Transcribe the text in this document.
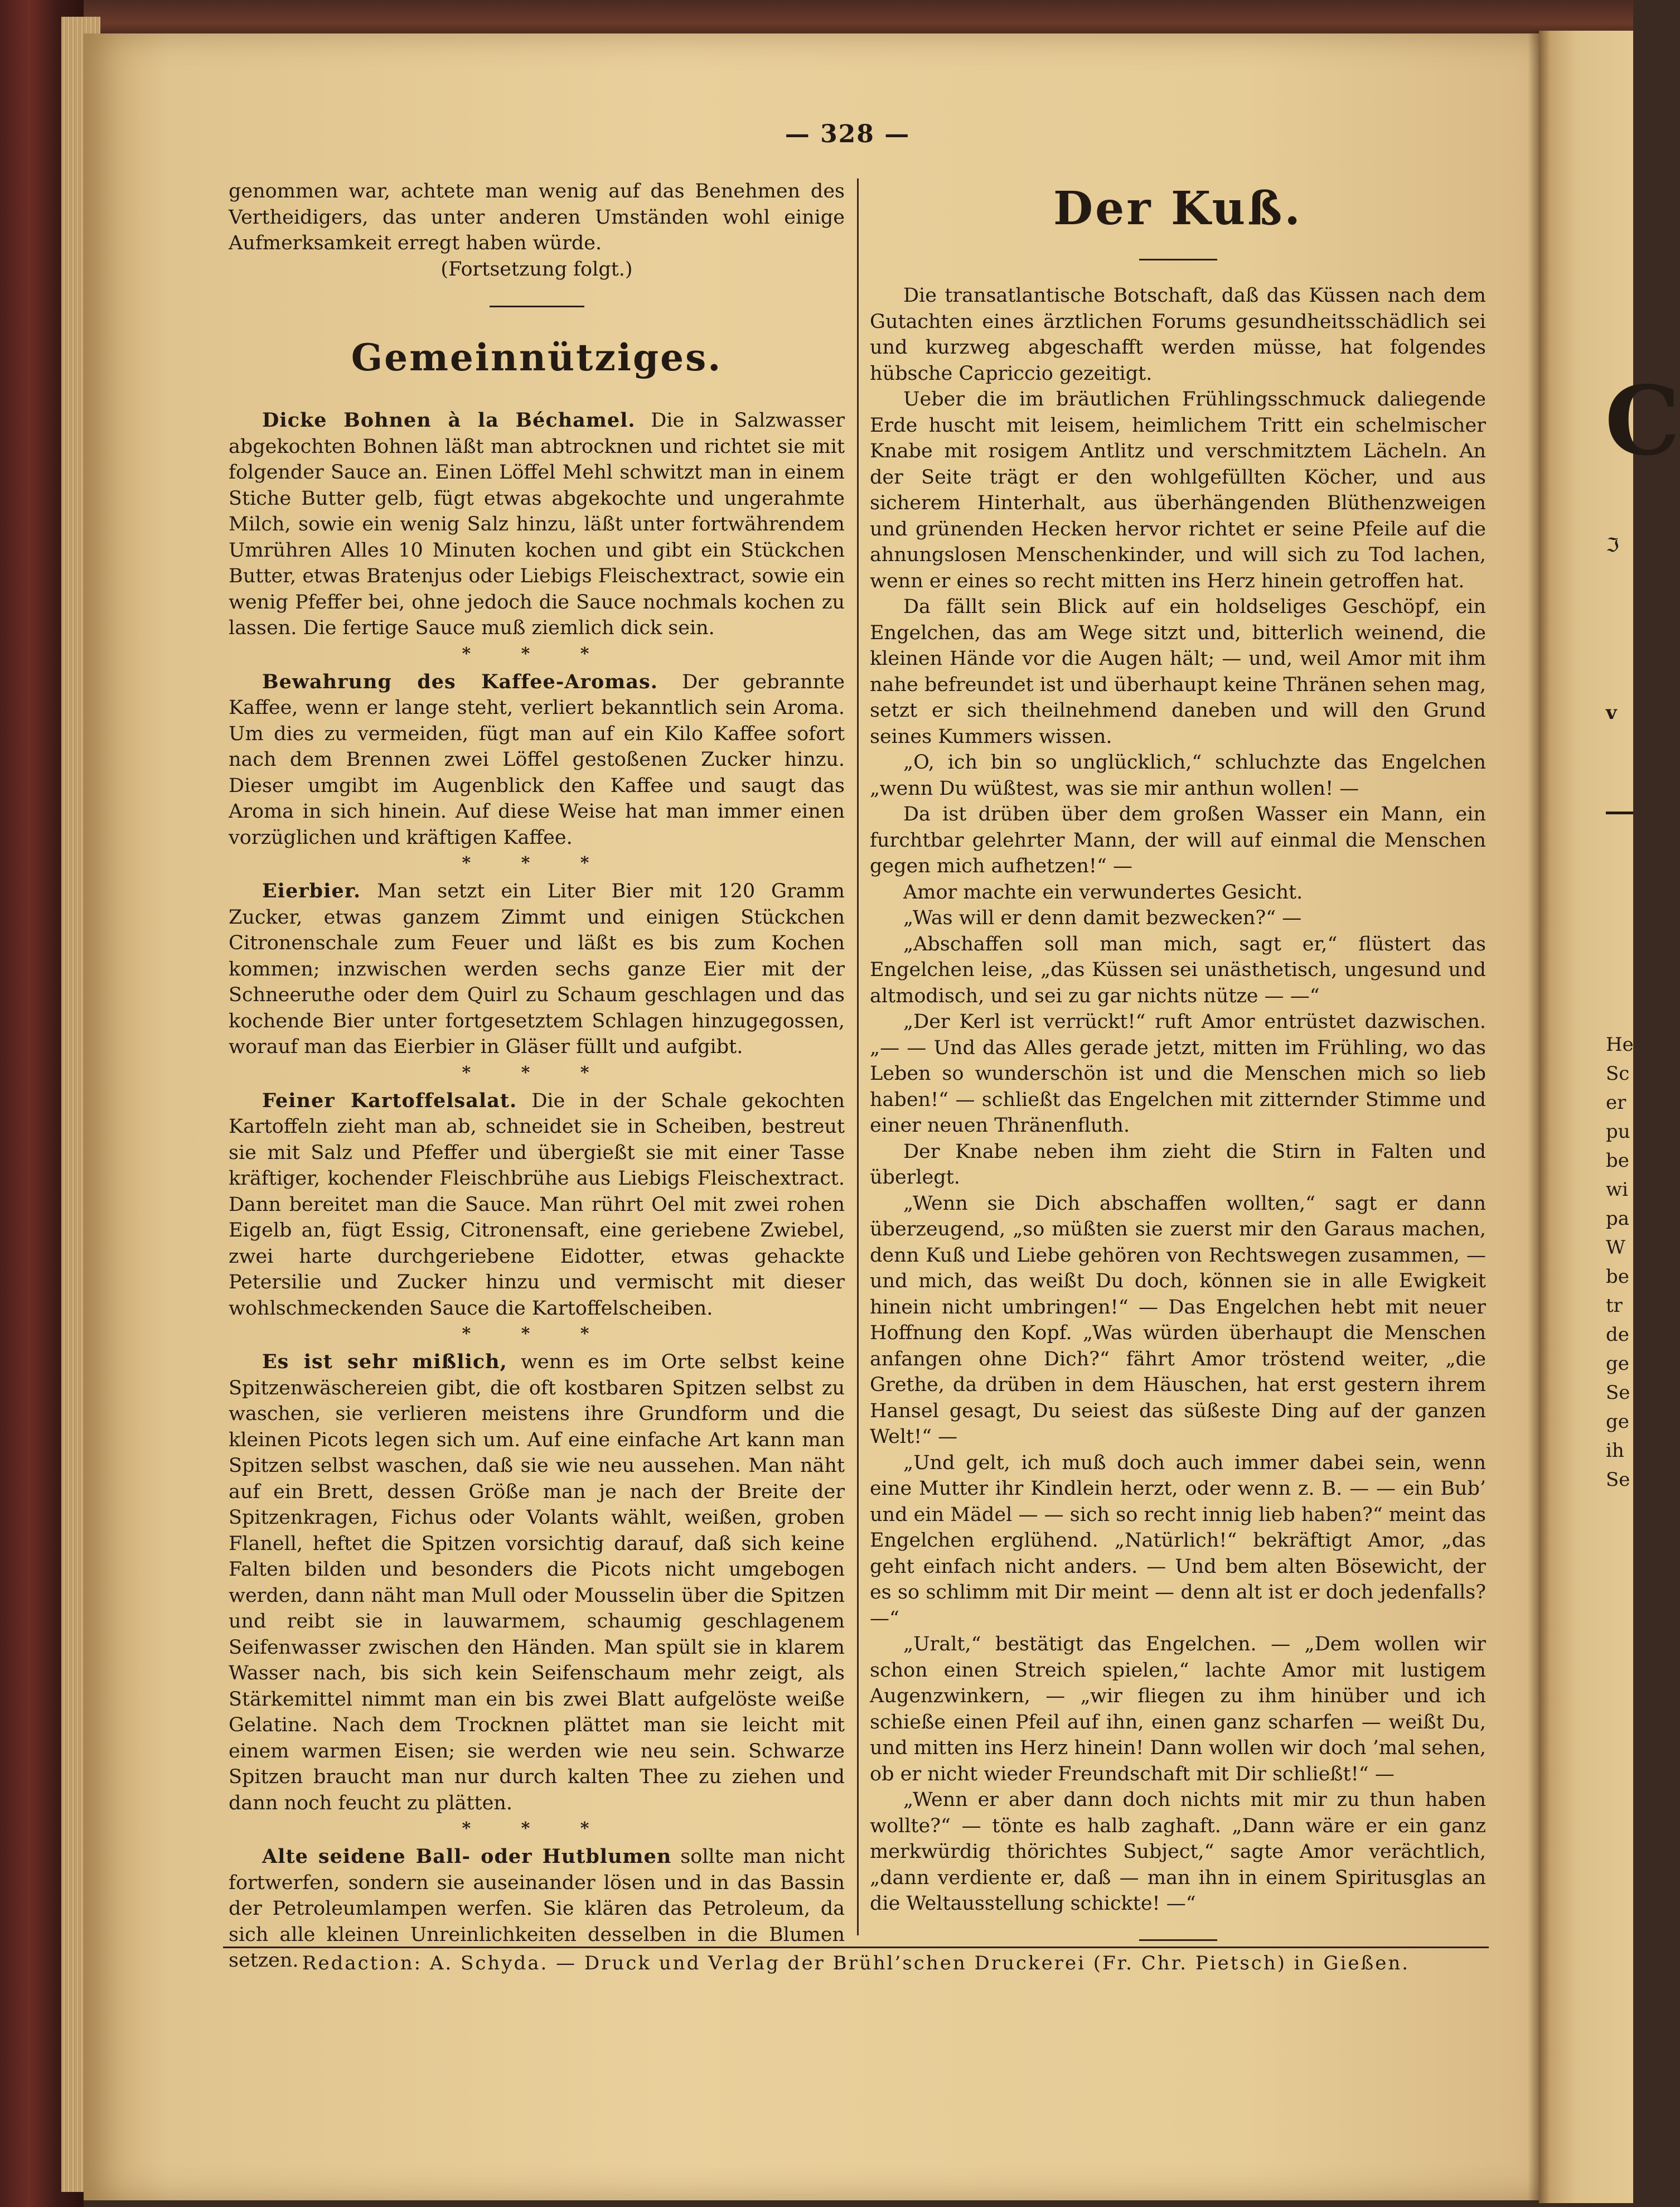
— 328 —

genommen war, achtete man wenig auf das Benehmen des Vertheidigers, das unter anderen Umständen wohl einige Aufmerksamkeit erregt haben würde.

(Fortsetzung folgt.)

Gemeinnütziges.

Dicke Bohnen à la Béchamel. Die in Salzwasser abgekochten Bohnen läßt man abtrocknen und richtet sie mit folgender Sauce an. Einen Löffel Mehl schwitzt man in einem Stiche Butter gelb, fügt etwas abgekochte und ungerahmte Milch, sowie ein wenig Salz hinzu, läßt unter fortwährendem Umrühren Alles 10 Minuten kochen und gibt ein Stückchen Butter, etwas Bratenjus oder Liebigs Fleischextract, sowie ein wenig Pfeffer bei, ohne jedoch die Sauce nochmals kochen zu lassen. Die fertige Sauce muß ziemlich dick sein.

* * *

Bewahrung des Kaffee-Aromas. Der gebrannte Kaffee, wenn er lange steht, verliert bekanntlich sein Aroma. Um dies zu vermeiden, fügt man auf ein Kilo Kaffee sofort nach dem Brennen zwei Löffel gestoßenen Zucker hinzu. Dieser umgibt im Augenblick den Kaffee und saugt das Aroma in sich hinein. Auf diese Weise hat man immer einen vorzüglichen und kräftigen Kaffee.

* * *

Eierbier. Man setzt ein Liter Bier mit 120 Gramm Zucker, etwas ganzem Zimmt und einigen Stückchen Citronenschale zum Feuer und läßt es bis zum Kochen kommen; inzwischen werden sechs ganze Eier mit der Schneeruthe oder dem Quirl zu Schaum geschlagen und das kochende Bier unter fortgesetztem Schlagen hinzugegossen, worauf man das Eierbier in Gläser füllt und aufgibt.

* * *

Feiner Kartoffelsalat. Die in der Schale gekochten Kartoffeln zieht man ab, schneidet sie in Scheiben, bestreut sie mit Salz und Pfeffer und übergießt sie mit einer Tasse kräftiger, kochender Fleischbrühe aus Liebigs Fleischextract. Dann bereitet man die Sauce. Man rührt Oel mit zwei rohen Eigelb an, fügt Essig, Citronensaft, eine geriebene Zwiebel, zwei harte durchgeriebene Eidotter, etwas gehackte Petersilie und Zucker hinzu und vermischt mit dieser wohlschmeckenden Sauce die Kartoffelscheiben.

* * *

Es ist sehr mißlich, wenn es im Orte selbst keine Spitzenwäschereien gibt, die oft kostbaren Spitzen selbst zu waschen, sie verlieren meistens ihre Grundform und die kleinen Picots legen sich um. Auf eine einfache Art kann man Spitzen selbst waschen, daß sie wie neu aussehen. Man näht auf ein Brett, dessen Größe man je nach der Breite der Spitzenkragen, Fichus oder Volants wählt, weißen, groben Flanell, heftet die Spitzen vorsichtig darauf, daß sich keine Falten bilden und besonders die Picots nicht umgebogen werden, dann näht man Mull oder Mousselin über die Spitzen und reibt sie in lauwarmem, schaumig geschlagenem Seifenwasser zwischen den Händen. Man spült sie in klarem Wasser nach, bis sich kein Seifenschaum mehr zeigt, als Stärkemittel nimmt man ein bis zwei Blatt aufgelöste weiße Gelatine. Nach dem Trocknen plättet man sie leicht mit einem warmen Eisen; sie werden wie neu sein. Schwarze Spitzen braucht man nur durch kalten Thee zu ziehen und dann noch feucht zu plätten.

* * *

Alte seidene Ball- oder Hutblumen sollte man nicht fortwerfen, sondern sie auseinander lösen und in das Bassin der Petroleumlampen werfen. Sie klären das Petroleum, da sich alle kleinen Unreinlichkeiten desselben in die Blumen setzen.

Der Kuß.

Die transatlantische Botschaft, daß das Küssen nach dem Gutachten eines ärztlichen Forums gesundheitsschädlich sei und kurzweg abgeschafft werden müsse, hat folgendes hübsche Capriccio gezeitigt.

Ueber die im bräutlichen Frühlingsschmuck daliegende Erde huscht mit leisem, heimlichem Tritt ein schelmischer Knabe mit rosigem Antlitz und verschmitztem Lächeln. An der Seite trägt er den wohlgefüllten Köcher, und aus sicherem Hinterhalt, aus überhängenden Blüthenzweigen und grünenden Hecken hervor richtet er seine Pfeile auf die ahnungslosen Menschenkinder, und will sich zu Tod lachen, wenn er eines so recht mitten ins Herz hinein getroffen hat.

Da fällt sein Blick auf ein holdseliges Geschöpf, ein Engelchen, das am Wege sitzt und, bitterlich weinend, die kleinen Hände vor die Augen hält; — und, weil Amor mit ihm nahe befreundet ist und überhaupt keine Thränen sehen mag, setzt er sich theilnehmend daneben und will den Grund seines Kummers wissen.

„O, ich bin so unglücklich,“ schluchzte das Engelchen „wenn Du wüßtest, was sie mir anthun wollen! —

Da ist drüben über dem großen Wasser ein Mann, ein furchtbar gelehrter Mann, der will auf einmal die Menschen gegen mich aufhetzen!“ —

Amor machte ein verwundertes Gesicht.

„Was will er denn damit bezwecken?“ —

„Abschaffen soll man mich, sagt er,“ flüstert das Engelchen leise, „das Küssen sei unästhetisch, ungesund und altmodisch, und sei zu gar nichts nütze — —“

„Der Kerl ist verrückt!“ ruft Amor entrüstet dazwischen. „— — Und das Alles gerade jetzt, mitten im Frühling, wo das Leben so wunderschön ist und die Menschen mich so lieb haben!“ — schließt das Engelchen mit zitternder Stimme und einer neuen Thränenfluth.

Der Knabe neben ihm zieht die Stirn in Falten und überlegt.

„Wenn sie Dich abschaffen wollten,“ sagt er dann überzeugend, „so müßten sie zuerst mir den Garaus machen, denn Kuß und Liebe gehören von Rechtswegen zusammen, — und mich, das weißt Du doch, können sie in alle Ewigkeit hinein nicht umbringen!“ — Das Engelchen hebt mit neuer Hoffnung den Kopf. „Was würden überhaupt die Menschen anfangen ohne Dich?“ fährt Amor tröstend weiter, „die Grethe, da drüben in dem Häuschen, hat erst gestern ihrem Hansel gesagt, Du seiest das süßeste Ding auf der ganzen Welt!“ —

„Und gelt, ich muß doch auch immer dabei sein, wenn eine Mutter ihr Kindlein herzt, oder wenn z. B. — — ein Bub’ und ein Mädel — — sich so recht innig lieb haben?“ meint das Engelchen erglühend. „Natürlich!“ bekräftigt Amor, „das geht einfach nicht anders. — Und bem alten Bösewicht, der es so schlimm mit Dir meint — denn alt ist er doch jedenfalls? —“

„Uralt,“ bestätigt das Engelchen. — „Dem wollen wir schon einen Streich spielen,“ lachte Amor mit lustigem Augenzwinkern, — „wir fliegen zu ihm hinüber und ich schieße einen Pfeil auf ihn, einen ganz scharfen — weißt Du, und mitten ins Herz hinein! Dann wollen wir doch ’mal sehen, ob er nicht wieder Freundschaft mit Dir schließt!“ —

„Wenn er aber dann doch nichts mit mir zu thun haben wollte?“ — tönte es halb zaghaft. „Dann wäre er ein ganz merkwürdig thörichtes Subject,“ sagte Amor verächtlich, „dann verdiente er, daß — man ihn in einem Spiritusglas an die Weltausstellung schickte! —“

Redaction: A. Schyda. — Druck und Verlag der Brühl’schen Druckerei (Fr. Chr. Pietsch) in Gießen.
C
ℑ
v
He
Sc
er
pu
be
wi
pa
W
be
tr
de
ge
Se
ge
ih
Se
